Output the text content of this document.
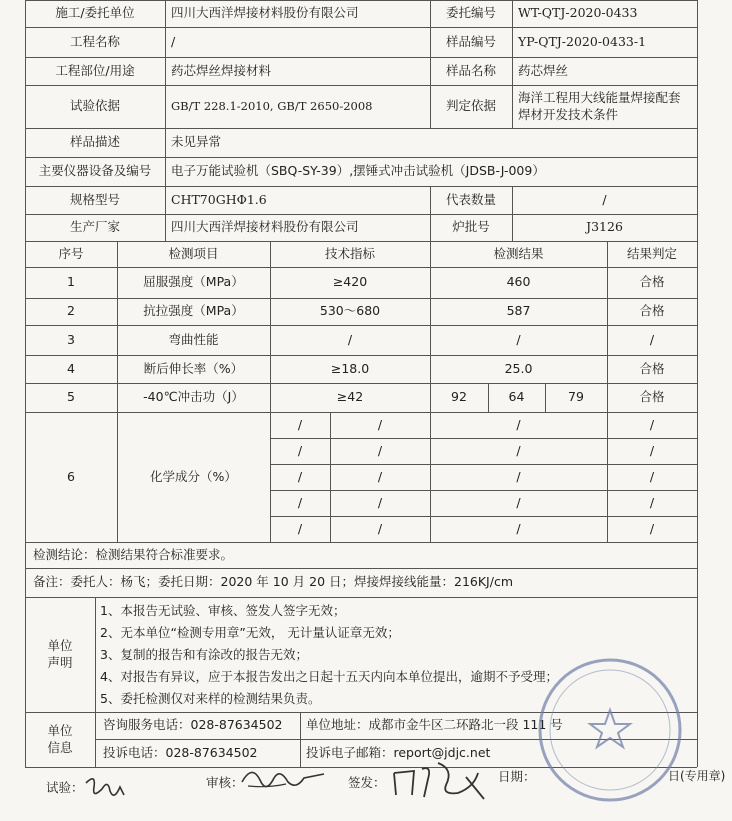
施工/委托单位	四川大西洋焊接材料股份有限公司	委托编号	WT-QTJ-2020-0433
工程名称	/	样品编号	YP-QTJ-2020-0433-1
工程部位/用途	药芯焊丝焊接材料	样品名称	药芯焊丝
试验依据	GB/T 228.1-2010, GB/T 2650-2008	判定依据
海洋工程用大线能量焊接配套焊材开发技术条件
样品描述	未见异常
主要仪器设备及编号	电子万能试验机（SBQ-SY-39）,摆锤式冲击试验机（JDSB-J-009）
规格型号	CHT70GHΦ1.6	代表数量	/
生产厂家	四川大西洋焊接材料股份有限公司	炉批号	J3126
序号	检测项目	技术指标	检测结果	结果判定
1	屈服强度（MPa）	≥420	460	合格
2	抗拉强度（MPa）	530～680	587	合格
3	弯曲性能	/	/	/
4	断后伸长率（%）	≥18.0	25.0	合格
5	-40℃冲击功（J）	≥42	92	64	79	合格
6	化学成分（%）
/	/	/	/
/	/	/	/
/	/	/	/
/	/	/	/
/	/	/	/
检测结论：检测结果符合标准要求。
备注：委托人：杨飞；委托日期：2020 年 10 月 20 日；焊接焊接线能量：216KJ/cm
单位
声明
1、本报告无试验、审核、签发人签字无效；
2、无本单位“检测专用章”无效， 无计量认证章无效；
3、复制的报告和有涂改的报告无效；
4、对报告有异议，应于本报告发出之日起十五天内向本单位提出，逾期不予受理；
5、委托检测仅对来样的检测结果负责。
单位
信息
咨询服务电话：028-87634502	单位地址：成都市金牛区二环路北一段 111 号
投诉电话：028-87634502	投诉电子邮箱：report@jdjc.net
试验：	审核：	签发：	日期：	日(专用章)
